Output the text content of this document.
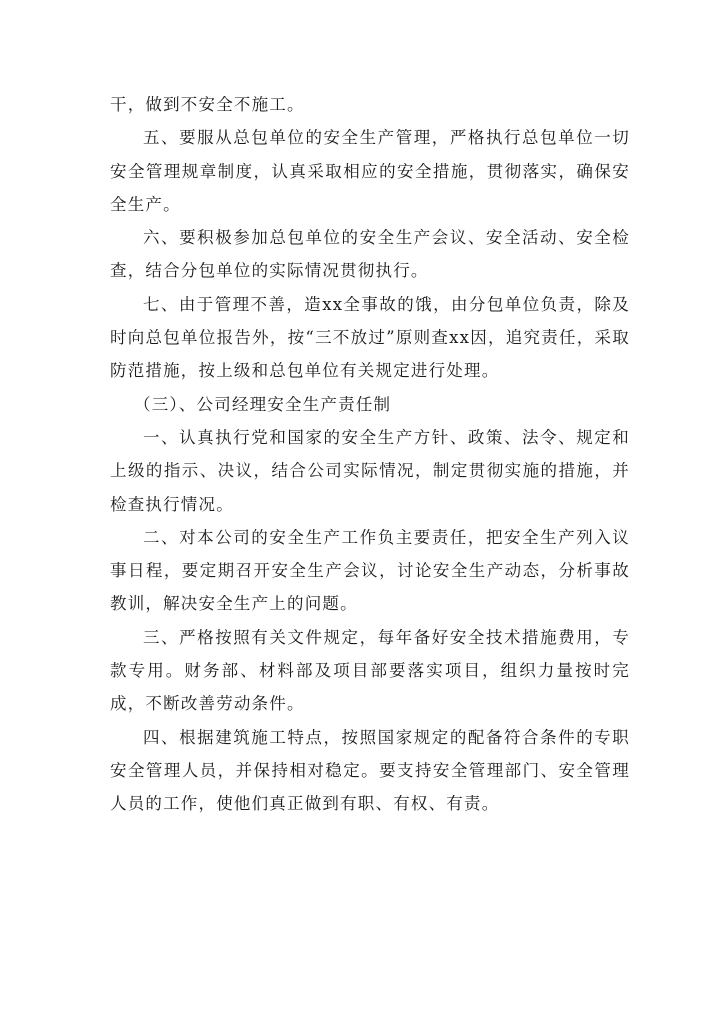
干，做到不安全不施工。

五、要服从总包单位的安全生产管理，严格执行总包单位一切安全管理规章制度，认真采取相应的安全措施，贯彻落实，确保安全生产。

六、要积极参加总包单位的安全生产会议、安全活动、安全检查，结合分包单位的实际情况贯彻执行。

七、由于管理不善，造xx全事故的饿，由分包单位负责，除及时向总包单位报告外，按“三不放过”原则查xx因，追究责任，采取防范措施，按上级和总包单位有关规定进行处理。

（三）、公司经理安全生产责任制

一、认真执行党和国家的安全生产方针、政策、法令、规定和上级的指示、决议，结合公司实际情况，制定贯彻实施的措施，并检查执行情况。

二、对本公司的安全生产工作负主要责任，把安全生产列入议事日程，要定期召开安全生产会议，讨论安全生产动态，分析事故教训，解决安全生产上的问题。

三、严格按照有关文件规定，每年备好安全技术措施费用，专款专用。财务部、材料部及项目部要落实项目，组织力量按时完成，不断改善劳动条件。

四、根据建筑施工特点，按照国家规定的配备符合条件的专职安全管理人员，并保持相对稳定。要支持安全管理部门、安全管理人员的工作，使他们真正做到有职、有权、有责。
